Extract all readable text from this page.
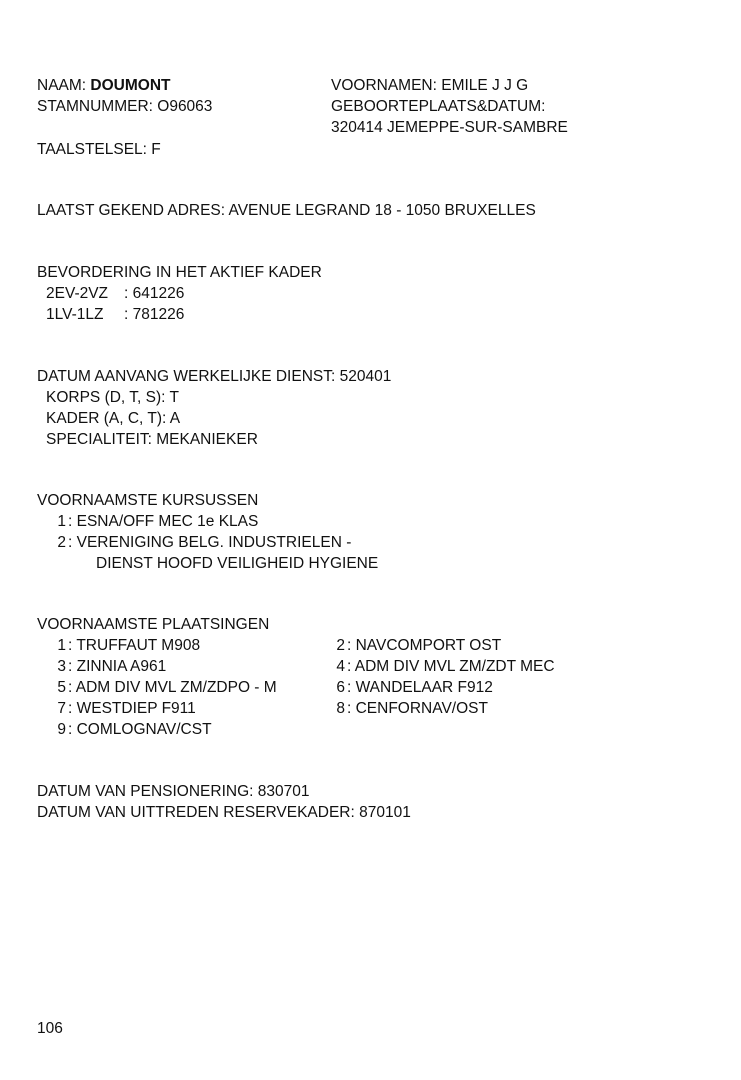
NAAM: DOUMONT
STAMNUMMER: O96063
VOORNAMEN: EMILE J J G
GEBOORTEPLAATS&DATUM:
320414 JEMEPPE-SUR-SAMBRE
TAALSTELSEL: F
LAATST GEKEND ADRES: AVENUE LEGRAND 18 - 1050 BRUXELLES
BEVORDERING IN HET AKTIEF KADER
2EV-2VZ : 641226
1LV-1LZ : 781226
DATUM AANVANG WERKELIJKE DIENST: 520401
KORPS (D, T, S): T
KADER (A, C, T): A
SPECIALITEIT: MEKANIEKER
VOORNAAMSTE KURSUSSEN
1 : ESNA/OFF MEC 1e KLAS
2 : VERENIGING BELG. INDUSTRIELEN -
DIENST HOOFD VEILIGHEID HYGIENE
VOORNAAMSTE PLAATSINGEN
1 : TRUFFAUT M908
3 : ZINNIA A961
5 : ADM DIV MVL ZM/ZDPO - M
7 : WESTDIEP F911
9 : COMLOGNAV/CST
2 : NAVCOMPORT OST
4 : ADM DIV MVL ZM/ZDT MEC
6 : WANDELAAR F912
8 : CENFORNAV/OST
DATUM VAN PENSIONERING: 830701
DATUM VAN UITTREDEN RESERVEKADER: 870101
106
